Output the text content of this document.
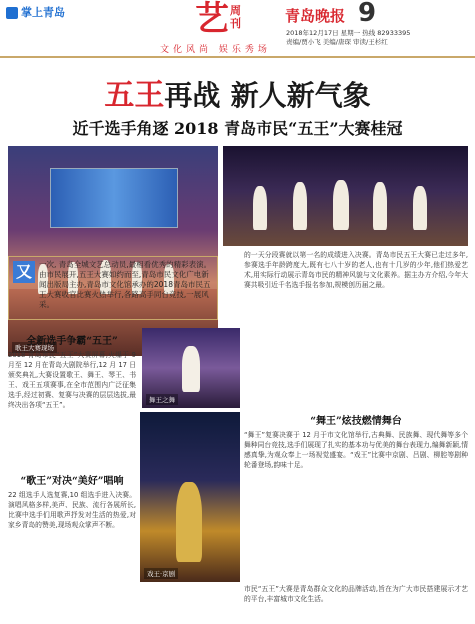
掌上青岛	艺 周刊
文化风尚 娱乐秀场
青岛晚报 9
2018年12月17日 星期一 热线 82933395
责编/贾小飞 美编/唐琛 审读/王杉红
五王再战 新人新气象
近千选手角逐 2018 青岛市民“五王”大赛桂冠
歌王大赛现场
又 一次, 青岛全城文艺总动员,最相看优秀的精彩表演。由市民展开,五王大赛如约而至,青岛市民文化广电新闻出版局主办,青岛市文化馆承办的2018青岛市民五王大赛收官比赛火热举行,各路高手同台竞技,一展风采。
全新选手争霸“五王”
2018 青岛市民“五王”大赛屏幕,火爆于 9 月至 12 月在青岛大剧院举行,12 月 17 日颁奖典礼,大赛设置歌王、舞王、琴王、书王、戏王五项赛事,在全市范围内广泛征集选手,经过初赛、复赛与决赛的层层选拔,最终决出各项“五王”。
“歌王”对决“美好”唱响
22 组选手人选复赛,10 组选手进入决赛。演唱风格多样,美声、民族、流行各展所长,比赛中选手们用歌声抒发对生活的热爱,对家乡青岛的赞美,现场观众掌声不断。
舞王之舞
戏王·京剧
的一天分段赛就以第一名的成绩进入决赛。青岛市民五王大赛已走过多年,参赛选手年龄跨度大,既有七八十岁的老人,也有十几岁的少年,他们热爱艺术,用实际行动展示青岛市民的精神风貌与文化素养。据主办方介绍,今年大赛共吸引近千名选手报名参加,规模创历届之最。
“舞王”炫技燃情舞台
“舞王”复赛决赛于 12 月于市文化馆举行,古典舞、民族舞、现代舞等多个舞种同台竞技,选手们展现了扎实的基本功与优美的舞台表现力,编舞新颖,情感真挚,为观众奉上一场视觉盛宴。“戏王”比赛中京剧、吕剧、柳腔等剧种轮番登场,韵味十足。
市民“五王”大赛是青岛群众文化的品牌活动,旨在为广大市民搭建展示才艺的平台,丰富城市文化生活。
